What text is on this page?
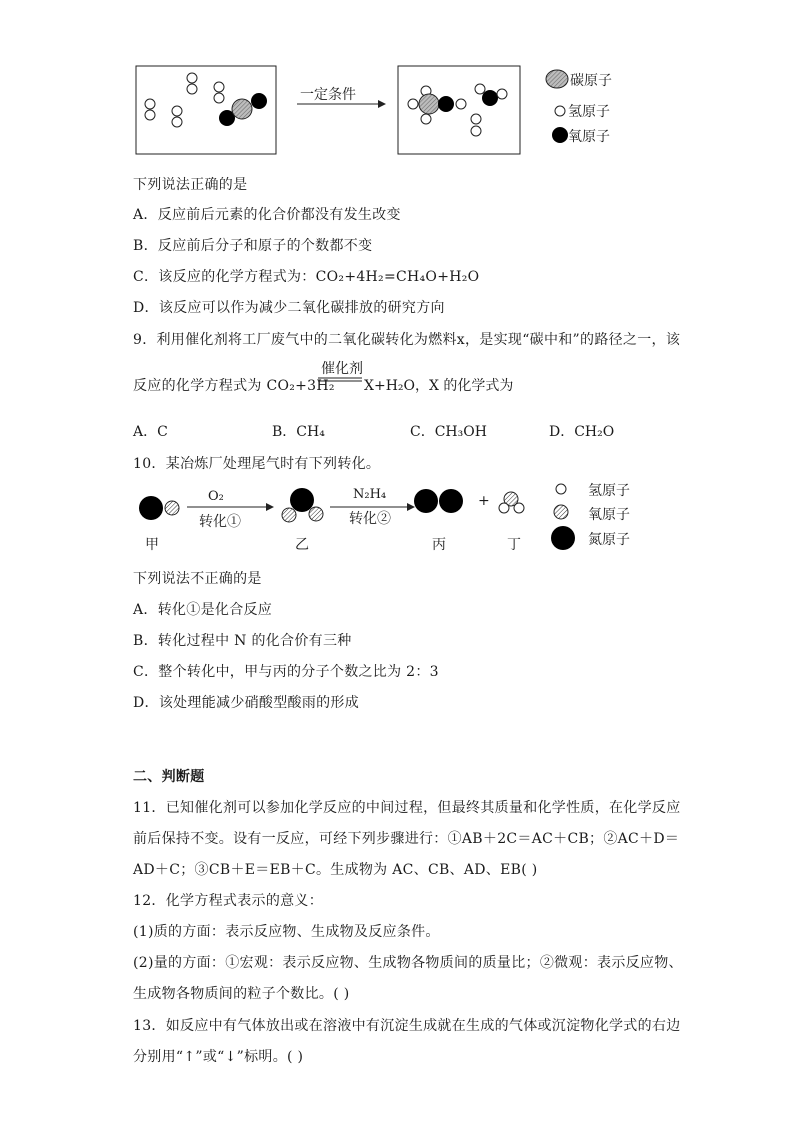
一定条件
碳原子
氢原子
氧原子
下列说法正确的是
A．反应前后元素的化合价都没有发生改变
B．反应前后分子和原子的个数都不变
C．该反应的化学方程式为：CO₂+4H₂=CH₄O+H₂O
D．该反应可以作为减少二氧化碳排放的研究方向
9．利用催化剂将工厂废气中的二氧化碳转化为燃料x，是实现“碳中和”的路径之一，该
反应的化学方程式为 CO₂+3H₂
催化剂
X+H₂O，X 的化学式为
A．C	B．CH₄	C．CH₃OH	D．CH₂O
10．某冶炼厂处理尾气时有下列转化。
O₂
转化①
N₂H₄
转化②
+
甲	乙	丙	丁
氢原子
氧原子
氮原子
下列说法不正确的是
A．转化①是化合反应
B．转化过程中 N 的化合价有三种
C．整个转化中，甲与丙的分子个数之比为 2：3
D．该处理能减少硝酸型酸雨的形成
二、判断题
11．已知催化剂可以参加化学反应的中间过程，但最终其质量和化学性质，在化学反应
前后保持不变。设有一反应，可经下列步骤进行：①AB＋2C＝AC＋CB；②AC＋D＝
AD＋C；③CB＋E＝EB＋C。生成物为 AC、CB、AD、EB( )
12．化学方程式表示的意义：
(1)质的方面：表示反应物、生成物及反应条件。
(2)量的方面：①宏观：表示反应物、生成物各物质间的质量比；②微观：表示反应物、
生成物各物质间的粒子个数比。( )
13．如反应中有气体放出或在溶液中有沉淀生成就在生成的气体或沉淀物化学式的右边
分别用“↑”或“↓”标明。( )
